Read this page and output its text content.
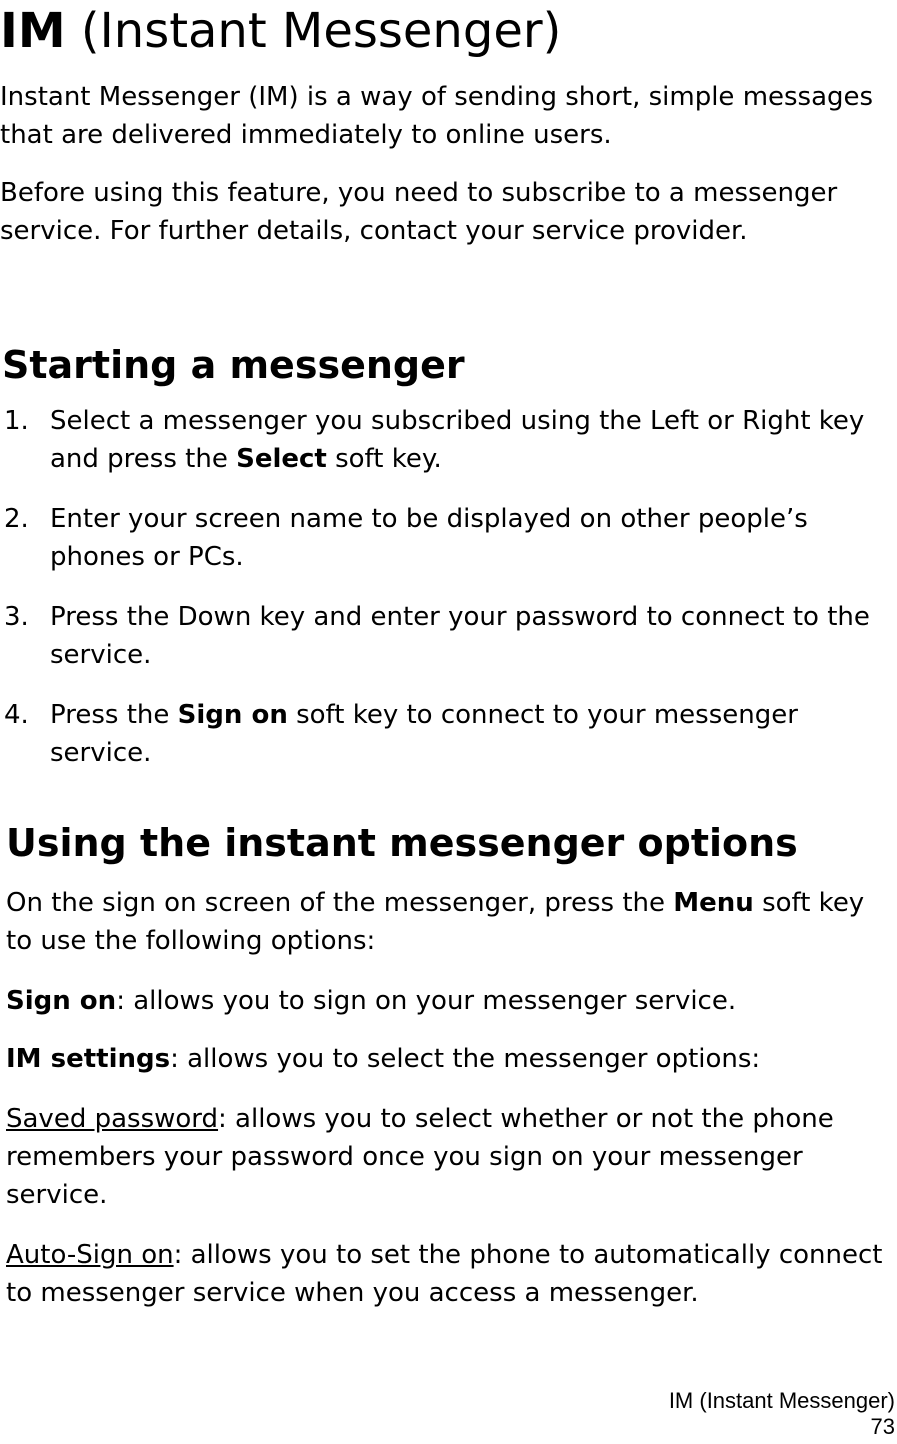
IM (Instant Messenger)

Instant Messenger (IM) is a way of sending short, simple messages that are delivered immediately to online users.

Before using this feature, you need to subscribe to a messenger service. For further details, contact your service provider.

Starting a messenger
1. Select a messenger you subscribed using the Left or Right key and press the Select soft key.
2. Enter your screen name to be displayed on other people’s phones or PCs.
3. Press the Down key and enter your password to connect to the service.
4. Press the Sign on soft key to connect to your messenger service.
Using the instant messenger options

On the sign on screen of the messenger, press the Menu soft key to use the following options:

Sign on: allows you to sign on your messenger service.

IM settings: allows you to select the messenger options:

Saved password: allows you to select whether or not the phone remembers your password once you sign on your messenger service.

Auto-Sign on: allows you to set the phone to automatically connect to messenger service when you access a messenger.

IM (Instant Messenger)
73
